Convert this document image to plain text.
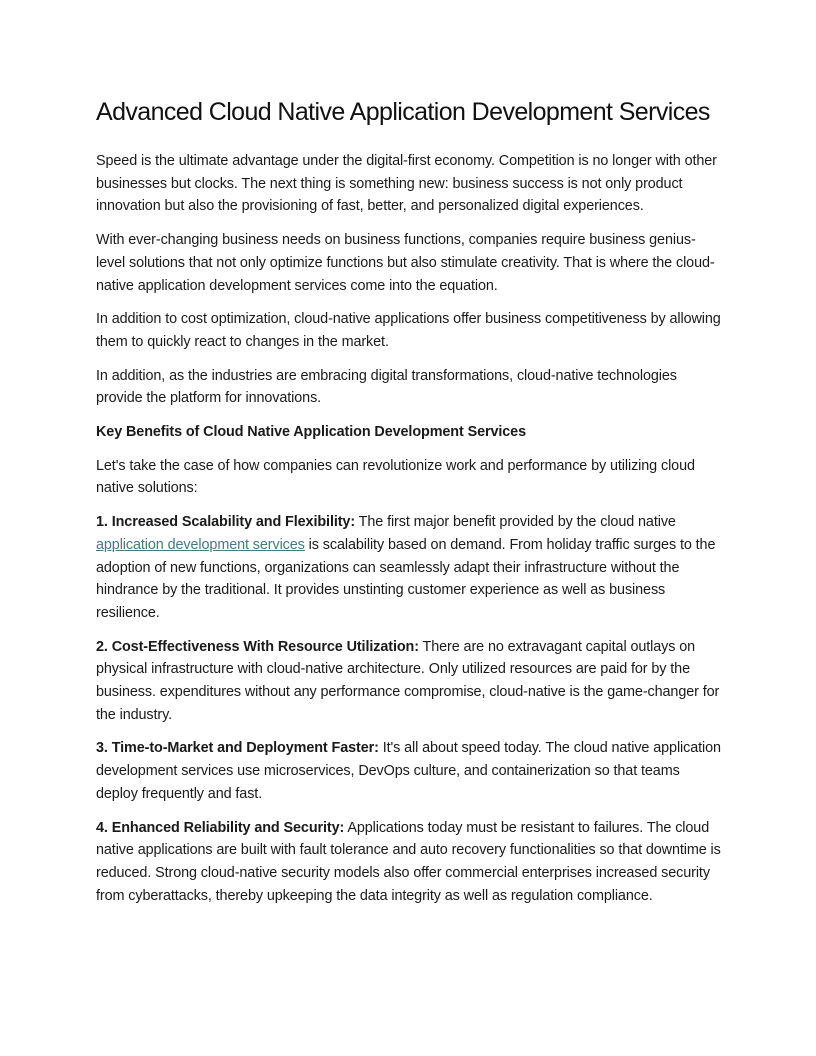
Advanced Cloud Native Application Development Services

Speed is the ultimate advantage under the digital-first economy. Competition is no longer with other businesses but clocks. The next thing is something new: business success is not only product innovation but also the provisioning of fast, better, and personalized digital experiences.

With ever-changing business needs on business functions, companies require business genius-level solutions that not only optimize functions but also stimulate creativity. That is where the cloud-native application development services come into the equation.

In addition to cost optimization, cloud-native applications offer business competitiveness by allowing them to quickly react to changes in the market.

In addition, as the industries are embracing digital transformations, cloud-native technologies provide the platform for innovations.

Key Benefits of Cloud Native Application Development Services

Let's take the case of how companies can revolutionize work and performance by utilizing cloud native solutions:

1. Increased Scalability and Flexibility: The first major benefit provided by the cloud native application development services is scalability based on demand. From holiday traffic surges to the adoption of new functions, organizations can seamlessly adapt their infrastructure without the hindrance by the traditional. It provides unstinting customer experience as well as business resilience.

2. Cost-Effectiveness With Resource Utilization: There are no extravagant capital outlays on physical infrastructure with cloud-native architecture. Only utilized resources are paid for by the business. expenditures without any performance compromise, cloud-native is the game-changer for the industry.

3. Time-to-Market and Deployment Faster: It's all about speed today. The cloud native application development services use microservices, DevOps culture, and containerization so that teams deploy frequently and fast.

4. Enhanced Reliability and Security: Applications today must be resistant to failures. The cloud native applications are built with fault tolerance and auto recovery functionalities so that downtime is reduced. Strong cloud-native security models also offer commercial enterprises increased security from cyberattacks, thereby upkeeping the data integrity as well as regulation compliance.
